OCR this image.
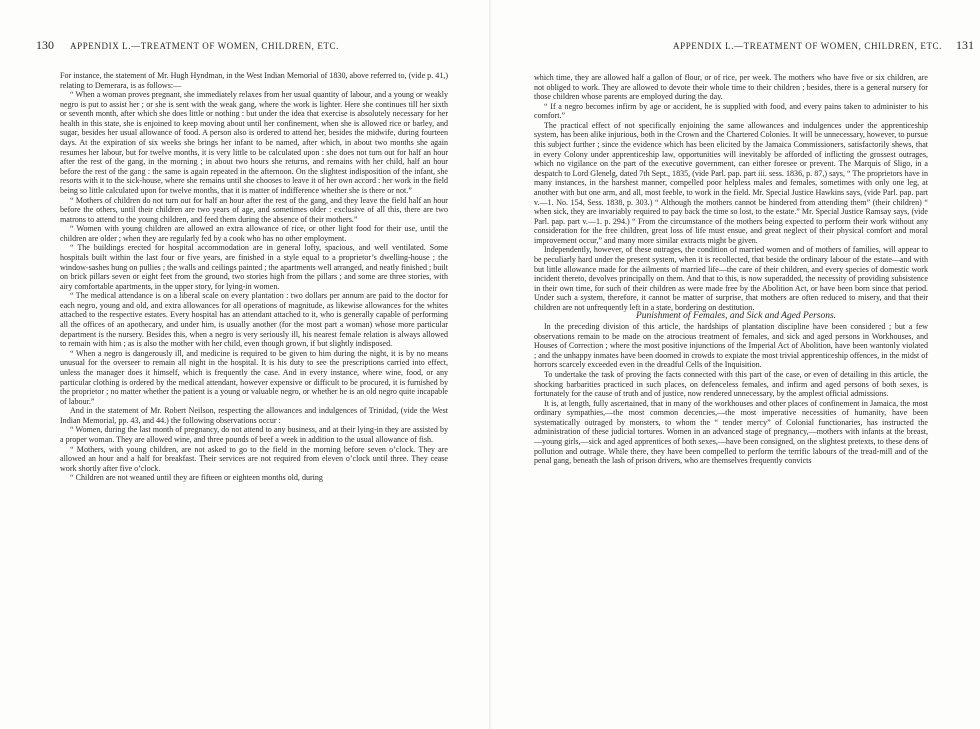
130 APPENDIX L.—TREATMENT OF WOMEN, CHILDREN, ETC.

For instance, the statement of Mr. Hugh Hyndman, in the West Indian Memorial of 1830, above referred to, (vide p. 41,) relating to Demerara, is as follows:—

“ When a woman proves pregnant, she immediately relaxes from her usual quantity of labour, and a young or weakly negro is put to assist her ; or she is sent with the weak gang, where the work is lighter. Here she continues till her sixth or seventh month, after which she does little or nothing : but under the idea that exercise is absolutely necessary for her health in this state, she is enjoined to keep moving about until her confinement, when she is allowed rice or barley, and sugar, besides her usual allowance of food. A person also is ordered to attend her, besides the midwife, during fourteen days. At the expiration of six weeks she brings her infant to be named, after which, in about two months she again resumes her labour, but for twelve months, it is very little to be calculated upon : she does not turn out for half an hour after the rest of the gang, in the morning ; in about two hours she returns, and remains with her child, half an hour before the rest of the gang : the same is again repeated in the afternoon. On the slightest indisposition of the infant, she resorts with it to the sick-house, where she remains until she chooses to leave it of her own accord : her work in the field being so little calculated upon for twelve months, that it is matter of indifference whether she is there or not.”

“ Mothers of children do not turn out for half an hour after the rest of the gang, and they leave the field half an hour before the others, until their children are two years of age, and sometimes older : exclusive of all this, there are two matrons to attend to the young children, and feed them during the absence of their mothers.”

“ Women with young children are allowed an extra allowance of rice, or other light food for their use, until the children are older ; when they are regularly fed by a cook who has no other employment.

“ The buildings erected for hospital accommodation are in general lofty, spacious, and well ventilated. Some hospitals built within the last four or five years, are finished in a style equal to a proprietor’s dwelling-house ; the window-sashes hung on pullies ; the walls and ceilings painted ; the apartments well arranged, and neatly finished ; built on brick pillars seven or eight feet from the ground, two stories high from the pillars ; and some are three stories, with airy comfortable apartments, in the upper story, for lying-in women.

“ The medical attendance is on a liberal scale on every plantation : two dollars per annum are paid to the doctor for each negro, young and old, and extra allowances for all operations of magnitude, as likewise allowances for the whites attached to the respective estates. Every hospital has an attendant attached to it, who is generally capable of performing all the offices of an apothecary, and under him, is usually another (for the most part a woman) whose more particular department is the nursery. Besides this, when a negro is very seriously ill, his nearest female relation is always allowed to remain with him ; as is also the mother with her child, even though grown, if but slightly indisposed.

“ When a negro is dangerously ill, and medicine is required to be given to him during the night, it is by no means unusual for the overseer to remain all night in the hospital. It is his duty to see the prescriptions carried into effect, unless the manager does it himself, which is frequently the case. And in every instance, where wine, food, or any particular clothing is ordered by the medical attendant, however expensive or difficult to be procured, it is furnished by the proprietor ; no matter whether the patient is a young or valuable negro, or whether he is an old negro quite incapable of labour.”

And in the statement of Mr. Robert Neilson, respecting the allowances and indulgences of Trinidad, (vide the West Indian Memorial, pp. 43, and 44.) the following observations occur :

“ Women, during the last month of pregnancy, do not attend to any business, and at their lying-in they are assisted by a proper woman. They are allowed wine, and three pounds of beef a week in addition to the usual allowance of fish.

“ Mothers, with young children, are not asked to go to the field in the morning before seven o’clock. They are allowed an hour and a half for breakfast. Their services are not required from eleven o’clock until three. They cease work shortly after five o’clock.

“ Children are not weaned until they are fifteen or eighteen months old, during

APPENDIX L.—TREATMENT OF WOMEN, CHILDREN, ETC. 131

which time, they are allowed half a gallon of flour, or of rice, per week. The mothers who have five or six children, are not obliged to work. They are allowed to devote their whole time to their children ; besides, there is a general nursery for those children whose parents are employed during the day.

“ If a negro becomes infirm by age or accident, he is supplied with food, and every pains taken to administer to his comfort.”

The practical effect of not specifically enjoining the same allowances and indulgences under the apprenticeship system, has been alike injurious, both in the Crown and the Chartered Colonies. It will be unnecessary, however, to pursue this subject further ; since the evidence which has been elicited by the Jamaica Commissioners, satisfactorily shews, that in every Colony under apprenticeship law, opportunities will inevitably be afforded of inflicting the grossest outrages, which no vigilance on the part of the executive government, can either foresee or prevent. The Marquis of Sligo, in a despatch to Lord Glenelg, dated 7th Sept., 1835, (vide Parl. pap. part iii. sess. 1836, p. 87,) says, “ The proprietors have in many instances, in the harshest manner, compelled poor helpless males and females, sometimes with only one leg, at another with but one arm, and all, most feeble, to work in the field. Mr. Special Justice Hawkins says, (vide Parl. pap. part v.—1. No. 154, Sess. 1838, p. 303.) “ Although the mothers cannot be hindered from attending them” (their children) “ when sick, they are invariably required to pay back the time so lost, to the estate.” Mr. Special Justice Ramsay says, (vide Parl. pap. part v.—1. p. 294.) “ From the circumstance of the mothers being expected to perform their work without any consideration for the free children, great loss of life must ensue, and great neglect of their physical comfort and moral improvement occur,” and many more similar extracts might be given.

Independently, however, of these outrages, the condition of married women and of mothers of families, will appear to be peculiarly hard under the present system, when it is recollected, that beside the ordinary labour of the estate—and with but little allowance made for the ailments of married life—the care of their children, and every species of domestic work incident thereto, devolves principally on them. And that to this, is now superadded, the necessity of providing subsistence in their own time, for such of their children as were made free by the Abolition Act, or have been born since that period. Under such a system, therefore, it cannot be matter of surprise, that mothers are often reduced to misery, and that their children are not unfrequently left in a state, bordering on destitution.

Punishment of Females, and Sick and Aged Persons.

In the preceding division of this article, the hardships of plantation discipline have been considered ; but a few observations remain to be made on the atrocious treatment of females, and sick and aged persons in Workhouses, and Houses of Correction ; where the most positive injunctions of the Imperial Act of Abolition, have been wantonly violated ; and the unhappy inmates have been doomed in crowds to expiate the most trivial apprenticeship offences, in the midst of horrors scarcely exceeded even in the dreadful Cells of the Inquisition.

To undertake the task of proving the facts connected with this part of the case, or even of detailing in this article, the shocking barbarities practiced in such places, on defenceless females, and infirm and aged persons of both sexes, is fortunately for the cause of truth and of justice, now rendered unnecessary, by the amplest official admissions.

It is, at length, fully ascertained, that in many of the workhouses and other places of confinement in Jamaica, the most ordinary sympathies,—the most common decencies,—the most imperative necessities of humanity, have been systematically outraged by monsters, to whom the “ tender mercy” of Colonial functionaries, has instructed the administration of these judicial tortures. Women in an advanced stage of pregnancy,—mothers with infants at the breast,—young girls,—sick and aged apprentices of both sexes,—have been consigned, on the slightest pretexts, to these dens of pollution and outrage. While there, they have been compelled to perform the terrific labours of the tread-mill and of the penal gang, beneath the lash of prison drivers, who are themselves frequently convicts
